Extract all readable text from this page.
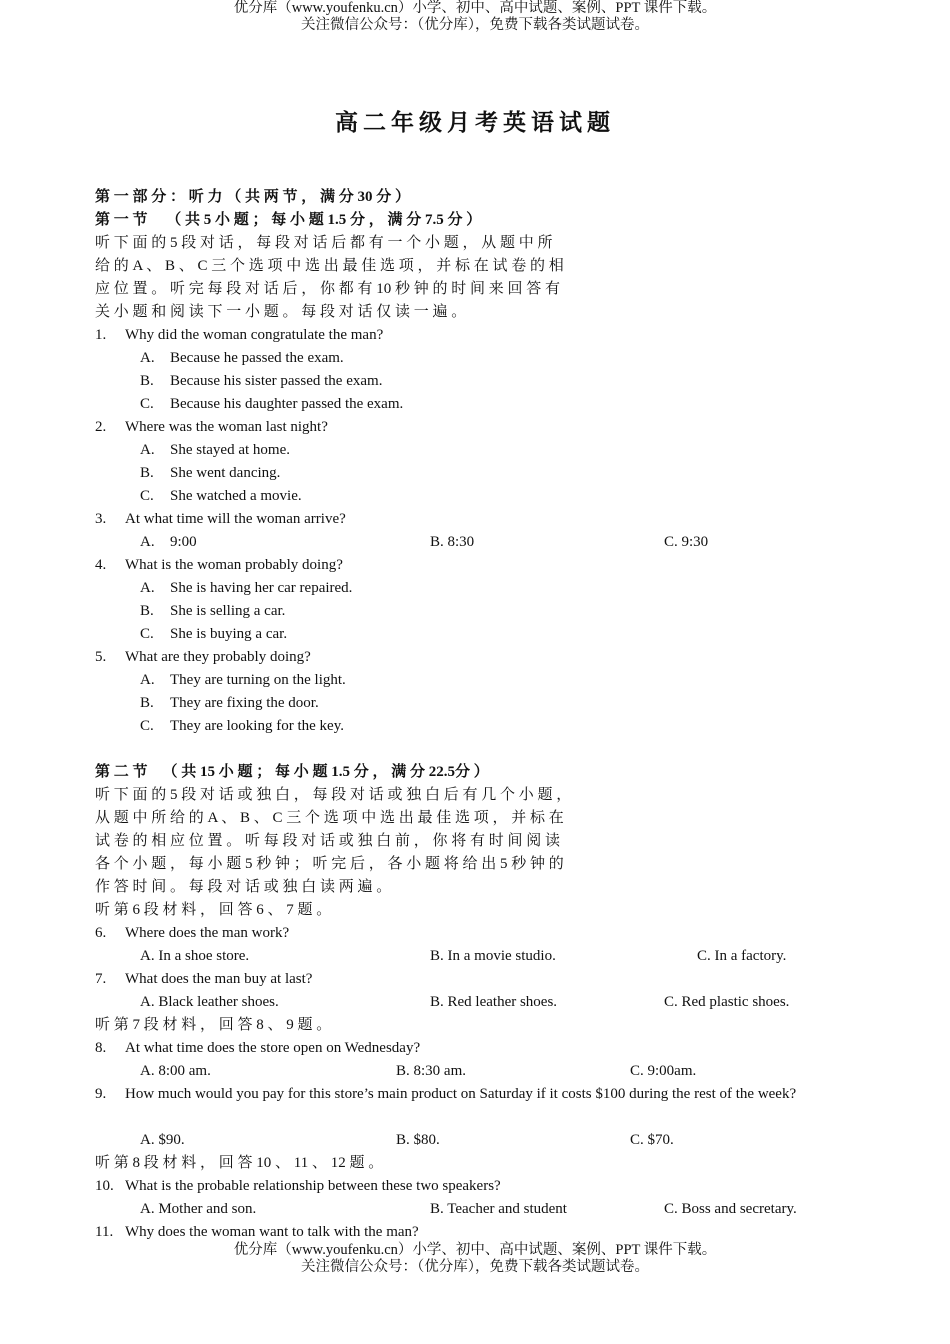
优分库（www.youfenku.cn）小学、初中、高中试题、案例、PPT 课件下载。
关注微信公众号：（优分库），免费下载各类试题试卷。
高二年级月考英语试题
第 一 部 分 ： 听 力 （ 共 两 节 ， 满 分 30 分 ）
第 一 节     （ 共 5 小 题 ； 每 小 题 1.5 分 ， 满 分 7.5 分 ）
听 下 面 的 5 段 对 话 ， 每 段 对 话 后 都 有 一 个 小 题 ， 从 题 中 所
给 的 A 、 B 、 C 三 个 选 项 中 选 出 最 佳 选 项 ， 并 标 在 试 卷 的 相
应 位 置 。 听 完 每 段 对 话 后 ， 你 都 有 10 秒 钟 的 时 间 来 回 答 有
关 小 题 和 阅 读 下 一 小 题 。 每 段 对 话 仅 读 一 遍 。
1. Why did the woman congratulate the man?
A. Because he passed the exam.
B. Because his sister passed the exam.
C. Because his daughter passed the exam.
2. Where was the woman last night?
A. She stayed at home.
B. She went dancing.
C. She watched a movie.
3. At what time will the woman arrive?
A. 9:00	B. 8:30	C. 9:30
4. What is the woman probably doing?
A. She is having her car repaired.
B. She is selling a car.
C. She is buying a car.
5. What are they probably doing?
A. They are turning on the light.
B. They are fixing the door.
C. They are looking for the key.
第 二 节    （ 共 15 小 题 ； 每 小 题 1.5 分 ， 满 分 22.5分 ）
听 下 面 的 5 段 对 话 或 独 白 ， 每 段 对 话 或 独 白 后 有 几 个 小 题 ，
从 题 中 所 给 的 A 、 B 、 C 三 个 选 项 中 选 出 最 佳 选 项 ， 并 标 在
试 卷 的 相 应 位 置 。 听 每 段 对 话 或 独 白 前 ， 你 将 有 时 间 阅 读
各 个 小 题 ， 每 小 题 5 秒 钟 ； 听 完 后 ， 各 小 题 将 给 出 5 秒 钟 的
作 答 时 间 。 每 段 对 话 或 独 白 读 两 遍 。
听 第 6 段 材 料 ， 回 答 6 、 7 题 。
6. Where does the man work?
A. In a shoe store.	B. In a movie studio.	C. In a factory.
7. What does the man buy at last?
A. Black leather shoes.	B. Red leather shoes.	C. Red plastic shoes.
听 第 7 段 材 料 ， 回 答 8 、 9 题 。
8. At what time does the store open on Wednesday?
A. 8:00 am.	B. 8:30 am.	C. 9:00am.
9. How much would you pay for this store’s main product on Saturday if it costs $100 during the rest of the week?
A. $90.	B. $80.	C. $70.
听 第 8 段 材 料 ， 回 答 10 、 11 、 12 题 。
10. What is the probable relationship between these two speakers?
A. Mother and son.	B. Teacher and student	C. Boss and secretary.
11. Why does the woman want to talk with the man?
优分库（www.youfenku.cn）小学、初中、高中试题、案例、PPT 课件下载。
关注微信公众号：（优分库），免费下载各类试题试卷。
